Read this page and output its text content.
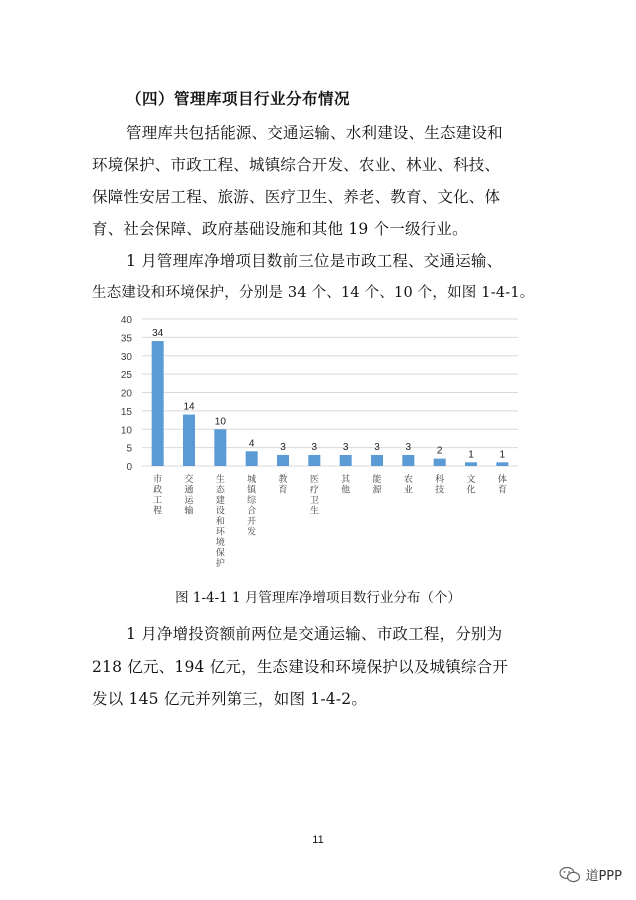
（四）管理库项目行业分布情况
管理库共包括能源、交通运输、水利建设、生态建设和
环境保护、市政工程、城镇综合开发、农业、林业、科技、
保障性安居工程、旅游、医疗卫生、养老、教育、文化、体
育、社会保障、政府基础设施和其他 19 个一级行业。
1 月管理库净增项目数前三位是市政工程、交通运输、
生态建设和环境保护，分别是 34 个、14 个、10 个，如图 1-4-1。
0
5
10
15
20
25
30
35
40
34
14
10
4	3	3	3	3	3	2	1	1
市政工程
交通运输
生态建设和环境保护
城镇综合开发
教育
医疗卫生
其他
能源
农业
科技
文化
体育
图 1-4-1 1 月管理库净增项目数行业分布（个）
1 月净增投资额前两位是交通运输、市政工程，分别为
218 亿元、194 亿元，生态建设和环境保护以及城镇综合开
发以 145 亿元并列第三，如图 1-4-2。
11
道PPP
